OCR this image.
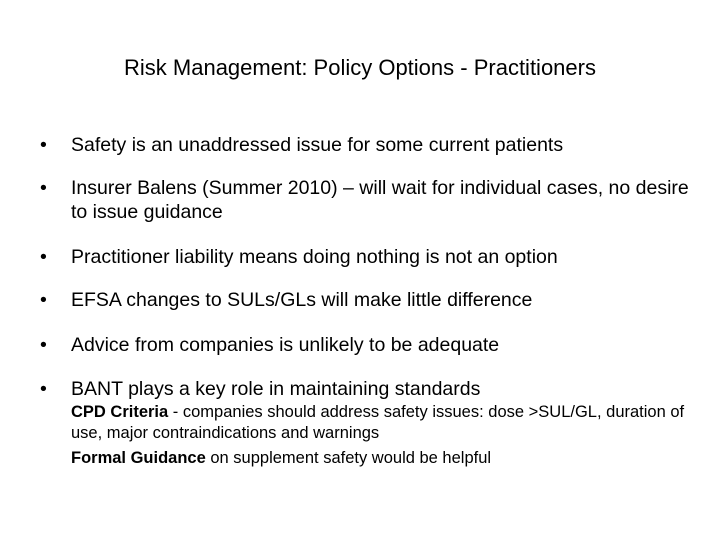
Risk Management: Policy Options - Practitioners
•	Safety is an unaddressed issue for some current patients
•	Insurer Balens (Summer 2010) – will wait for individual cases, no desire to issue guidance
•	Practitioner liability means doing nothing is not an option
•	EFSA changes to SULs/GLs will make little difference
•	Advice from companies is unlikely to be adequate
•	BANT plays a key role in maintaining standards
CPD Criteria - companies should address safety issues: dose >SUL/GL, duration of use, major contraindications and warnings
Formal Guidance on supplement safety would be helpful
